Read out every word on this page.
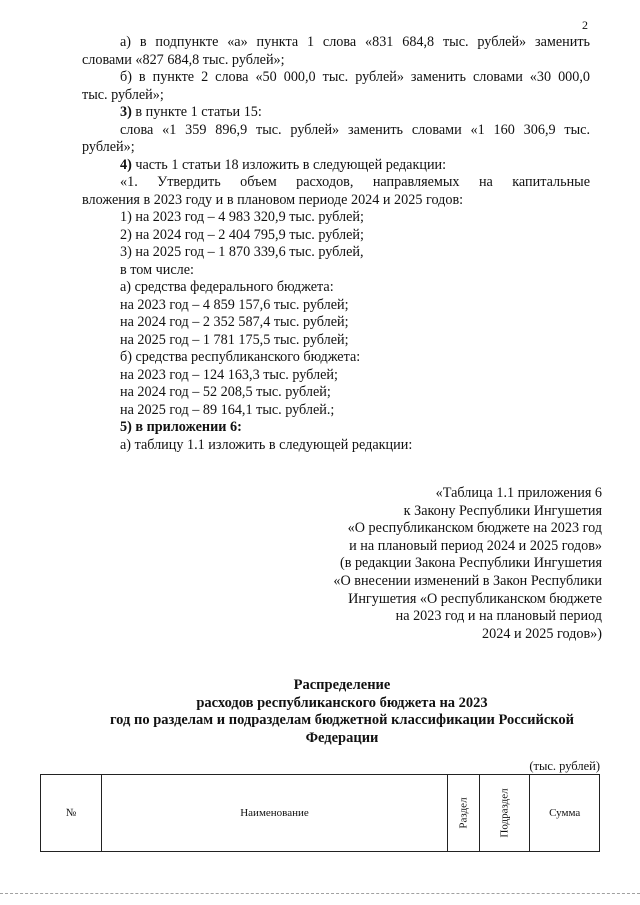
2

а) в подпункте «а» пункта 1 слова «831 684,8 тыс. рублей» заменить

словами «827 684,8 тыс. рублей»;

б) в пункте 2 слова «50 000,0 тыс. рублей» заменить словами «30 000,0

тыс. рублей»;

3) в пункте 1 статьи 15:

слова «1 359 896,9 тыс. рублей» заменить словами «1 160 306,9 тыс.

рублей»;

4) часть 1 статьи 18 изложить в следующей редакции:

«1. Утвердить объем расходов, направляемых на капитальные

вложения в 2023 году и в плановом периоде 2024 и 2025 годов:

1) на 2023 год – 4 983 320,9 тыс. рублей;

2) на 2024 год – 2 404 795,9 тыс. рублей;

3) на 2025 год – 1 870 339,6 тыс. рублей,

в том числе:

а) средства федерального бюджета:

на 2023 год – 4 859 157,6 тыс. рублей;

на 2024 год – 2 352 587,4 тыс. рублей;

на 2025 год – 1 781 175,5 тыс. рублей;

б) средства республиканского бюджета:

на 2023 год – 124 163,3 тыс. рублей;

на 2024 год – 52 208,5 тыс. рублей;

на 2025 год – 89 164,1 тыс. рублей.;

5) в приложении 6:

а) таблицу 1.1 изложить в следующей редакции:

«Таблица 1.1 приложения 6
к Закону Республики Ингушетия
«О республиканском бюджете на 2023 год
и на плановый период 2024 и 2025 годов»
(в редакции Закона Республики Ингушетия
«О внесении изменений в Закон Республики
Ингушетия «О республиканском бюджете
на 2023 год и на плановый период
2024 и 2025 годов»)
Распределение
расходов республиканского бюджета на 2023
год по разделам и подразделам бюджетной классификации Российской
Федерации
(тыс. рублей)
№	Наименование	Раздел	Подраздел	Сумма
